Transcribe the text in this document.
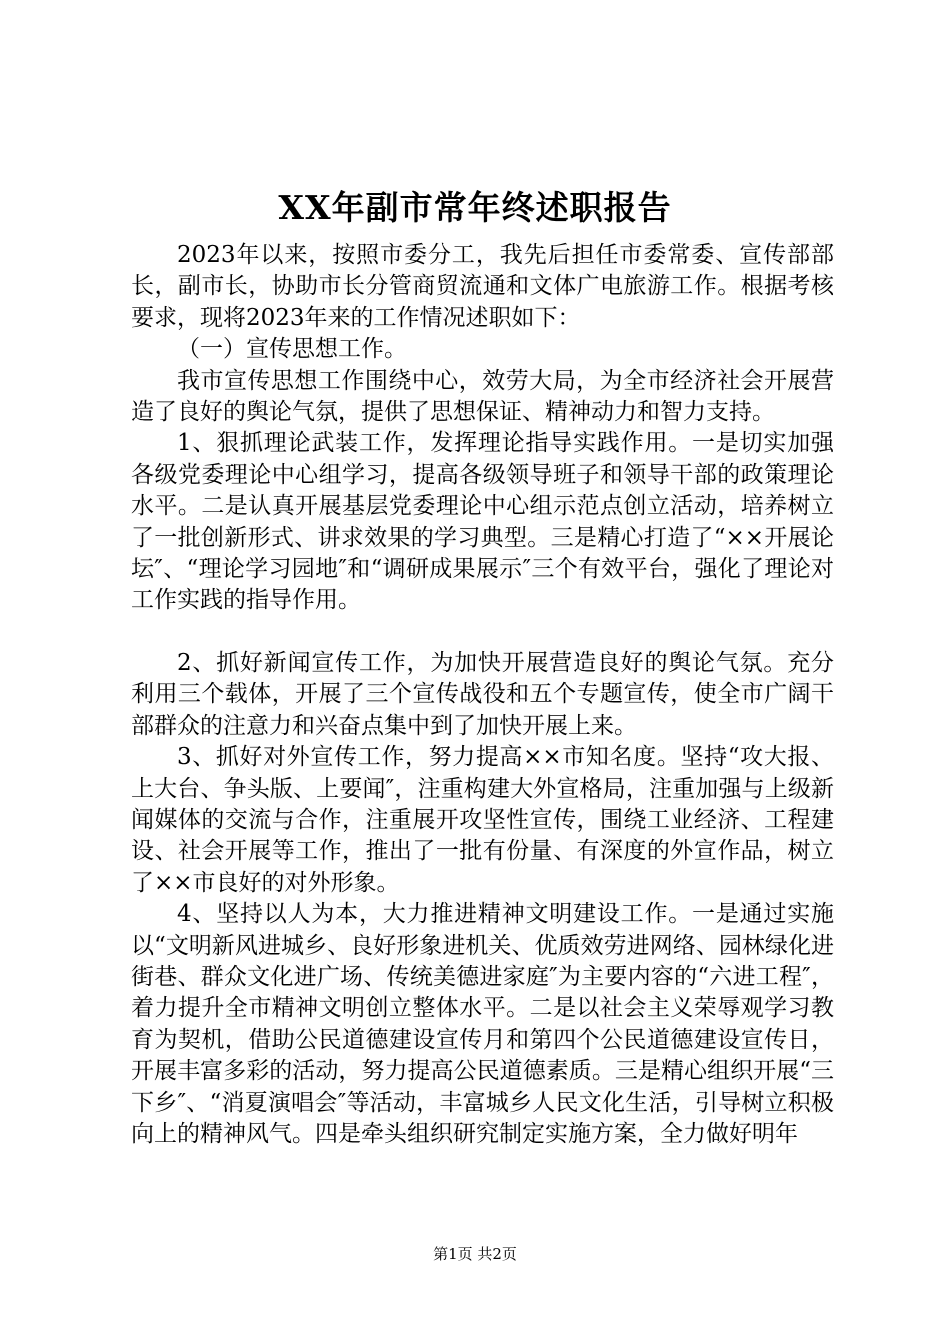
XX年副市常年终述职报告

2023年以来，按照市委分工，我先后担任市委常委、宣传部部长，副市长，协助市长分管商贸流通和文体广电旅游工作。根据考核要求，现将2023年来的工作情况述职如下：

（一）宣传思想工作。

我市宣传思想工作围绕中心，效劳大局，为全市经济社会开展营造了良好的舆论气氛，提供了思想保证、精神动力和智力支持。

1、狠抓理论武装工作，发挥理论指导实践作用。一是切实加强各级党委理论中心组学习，提高各级领导班子和领导干部的政策理论水平。二是认真开展基层党委理论中心组示范点创立活动，培养树立了一批创新形式、讲求效果的学习典型。三是精心打造了“××开展论坛″、“理论学习园地″和“调研成果展示″三个有效平台，强化了理论对工作实践的指导作用。

2、抓好新闻宣传工作，为加快开展营造良好的舆论气氛。充分利用三个载体，开展了三个宣传战役和五个专题宣传，使全市广阔干部群众的注意力和兴奋点集中到了加快开展上来。

3、抓好对外宣传工作，努力提高××市知名度。坚持“攻大报、上大台、争头版、上要闻″，注重构建大外宣格局，注重加强与上级新闻媒体的交流与合作，注重展开攻坚性宣传，围绕工业经济、工程建设、社会开展等工作，推出了一批有份量、有深度的外宣作品，树立了××市良好的对外形象。

4、坚持以人为本，大力推进精神文明建设工作。一是通过实施以“文明新风进城乡、良好形象进机关、优质效劳进网络、园林绿化进街巷、群众文化进广场、传统美德进家庭″为主要内容的“六进工程″，着力提升全市精神文明创立整体水平。二是以社会主义荣辱观学习教育为契机，借助公民道德建设宣传月和第四个公民道德建设宣传日，开展丰富多彩的活动，努力提高公民道德素质。三是精心组织开展“三下乡″、“消夏演唱会″等活动，丰富城乡人民文化生活，引导树立积极向上的精神风气。四是牵头组织研究制定实施方案，全力做好明年

第1页 共2页
